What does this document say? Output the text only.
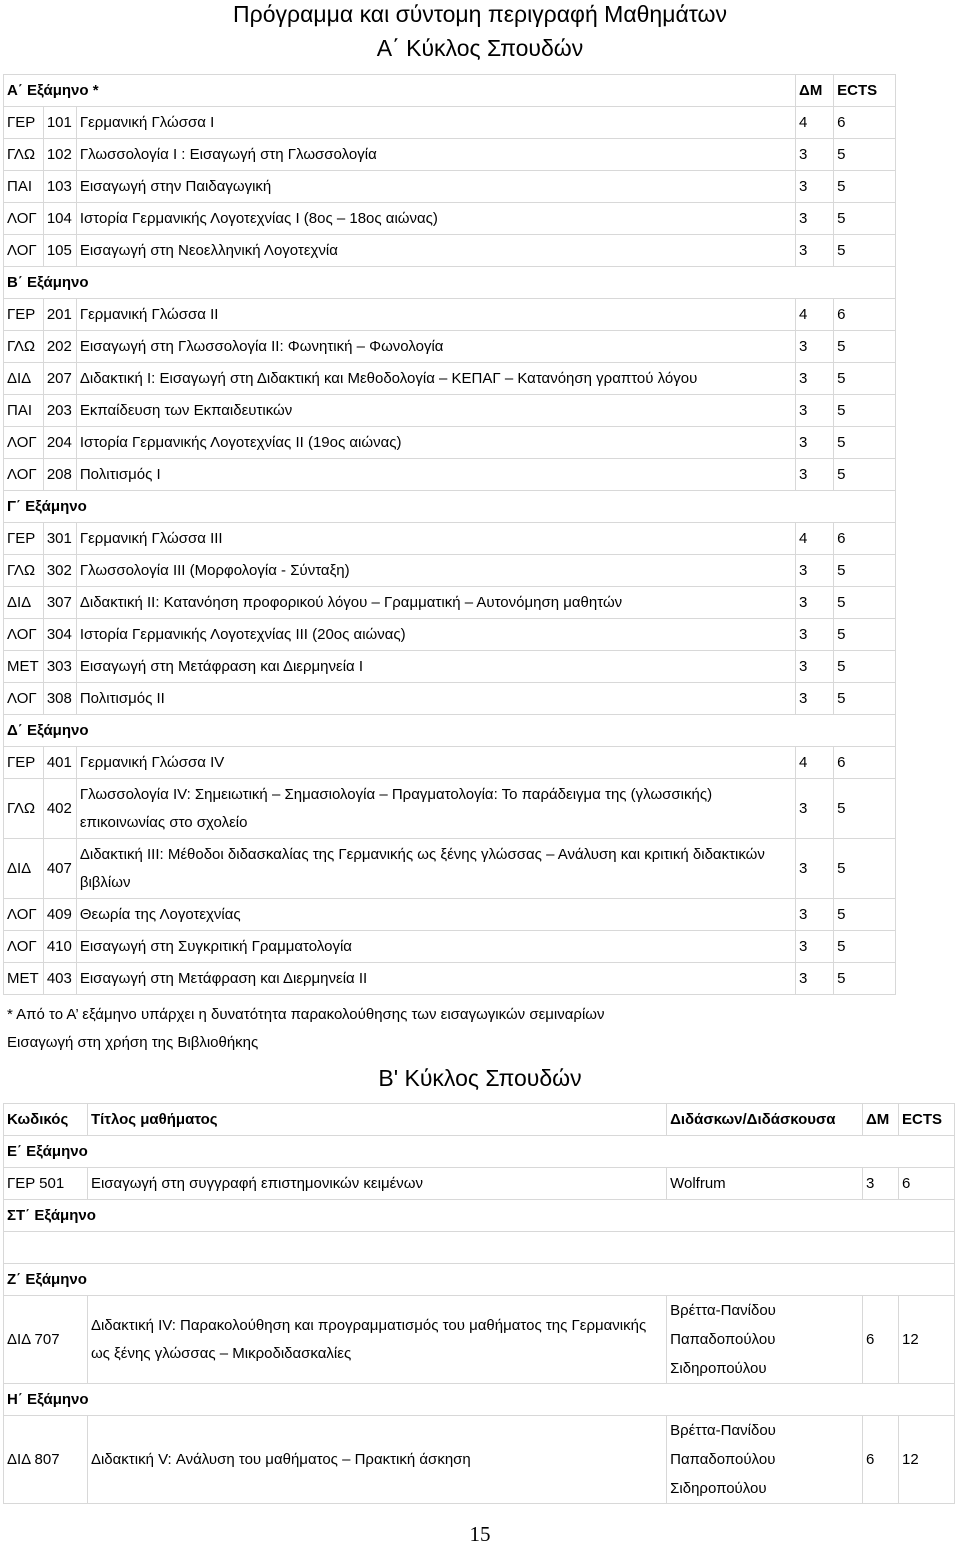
Πρόγραμμα και σύντομη περιγραφή Μαθημάτων
Α΄ Κύκλος Σπουδών
Α΄ Εξάμηνο *			ΔΜ	ECTS
ΓΕΡ	101	Γερμανική Γλώσσα Ι	4	6
ΓΛΩ	102	Γλωσσολογία Ι : Εισαγωγή στη Γλωσσολογία	3	5
ΠΑΙ	103	Εισαγωγή στην Παιδαγωγική	3	5
ΛΟΓ	104	Ιστορία Γερμανικής Λογοτεχνίας Ι (8ος – 18ος αιώνας)	3	5
ΛΟΓ	105	Εισαγωγή στη Νεοελληνική Λογοτεχνία	3	5
Β΄ Εξάμηνο				
ΓΕΡ	201	Γερμανική Γλώσσα ΙΙ	4	6
ΓΛΩ	202	Εισαγωγή στη Γλωσσολογία ΙΙ: Φωνητική – Φωνολογία	3	5
ΔΙΔ	207	Διδακτική Ι: Εισαγωγή στη Διδακτική και Μεθοδολογία – ΚΕΠΑΓ – Κατανόηση γραπτού λόγου	3	5
ΠΑΙ	203	Εκπαίδευση των Εκπαιδευτικών	3	5
ΛΟΓ	204	Ιστορία Γερμανικής Λογοτεχνίας ΙΙ (19ος αιώνας)	3	5
ΛΟΓ	208	Πολιτισμός Ι	3	5
Γ΄ Εξάμηνο				
ΓΕΡ	301	Γερμανική Γλώσσα ΙΙΙ	4	6
ΓΛΩ	302	Γλωσσολογία ΙΙΙ (Μορφολογία - Σύνταξη)	3	5
ΔΙΔ	307	Διδακτική ΙΙ: Κατανόηση προφορικού λόγου – Γραμματική – Αυτονόμηση μαθητών	3	5
ΛΟΓ	304	Ιστορία Γερμανικής Λογοτεχνίας ΙΙΙ (20ος αιώνας)	3	5
ΜΕΤ	303	Εισαγωγή στη Μετάφραση και Διερμηνεία Ι	3	5
ΛΟΓ	308	Πολιτισμός ΙΙ	3	5
Δ΄ Εξάμηνο				
ΓΕΡ	401	Γερμανική Γλώσσα ΙV	4	6
ΓΛΩ	402	Γλωσσολογία ΙV: Σημειωτική – Σημασιολογία – Πραγματολογία: Το παράδειγμα της (γλωσσικής) επικοινωνίας στο σχολείο	3	5
ΔΙΔ	407	Διδακτική ΙΙΙ: Μέθοδοι διδασκαλίας της Γερμανικής ως ξένης γλώσσας – Ανάλυση και κριτική διδακτικών βιβλίων	3	5
ΛΟΓ	409	Θεωρία της Λογοτεχνίας	3	5
ΛΟΓ	410	Εισαγωγή στη Συγκριτική Γραμματολογία	3	5
ΜΕΤ	403	Εισαγωγή στη Μετάφραση και Διερμηνεία ΙΙ	3	5
* Από το Α’ εξάμηνο υπάρχει η δυνατότητα παρακολούθησης των εισαγωγικών σεμιναρίων
Εισαγωγή στη χρήση της Βιβλιοθήκης
Β' Κύκλος Σπουδών
Κωδικός	Τίτλος μαθήματος	Διδάσκων/Διδάσκουσα	ΔΜ	ECTS
Ε΄ Εξάμηνο				
ΓΕΡ 501	Εισαγωγή στη συγγραφή επιστημονικών κειμένων	Wolfrum	3	6
ΣΤ΄ Εξάμηνο				

Ζ΄ Εξάμηνο				
ΔΙΔ 707	Διδακτική ΙV: Παρακολούθηση και προγραμματισμός του μαθήματος της Γερμανικής ως ξένης γλώσσας – Μικροδιδασκαλίες	Βρέττα-Πανίδου
Παπαδοπούλου
Σιδηροπούλου	6	12
Η΄ Εξάμηνο				
ΔΙΔ 807	Διδακτική V: Ανάλυση του μαθήματος – Πρακτική άσκηση	Βρέττα-Πανίδου
Παπαδοπούλου
Σιδηροπούλου	6	12
15
